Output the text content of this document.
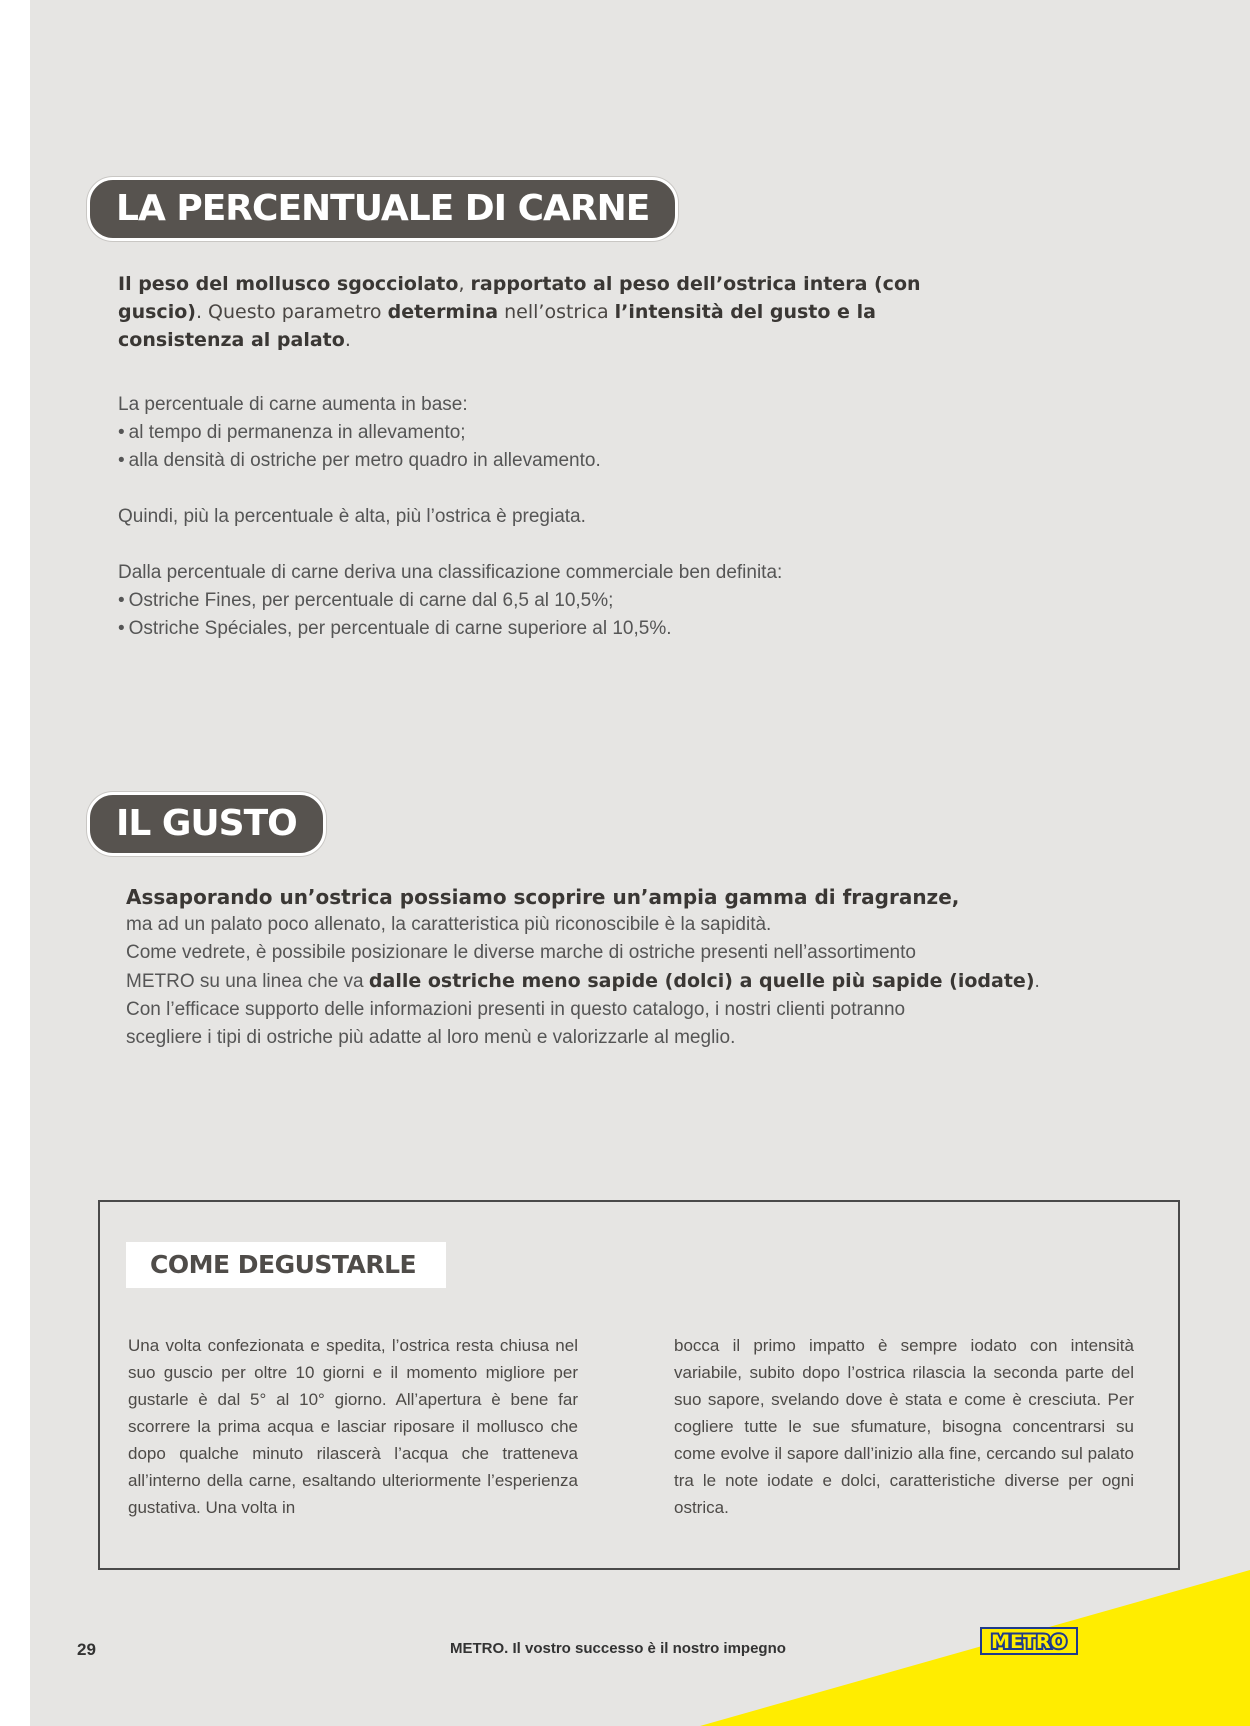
LA PERCENTUALE DI CARNE

Il peso del mollusco sgocciolato, rapportato al peso dell’ostrica intera (con guscio). Questo parametro determina nell’ostrica l’intensità del gusto e la consistenza al palato.

La percentuale di carne aumenta in base:

• al tempo di permanenza in allevamento;

• alla densità di ostriche per metro quadro in allevamento.

Quindi, più la percentuale è alta, più l’ostrica è pregiata.

Dalla percentuale di carne deriva una classificazione commerciale ben definita:

• Ostriche Fines, per percentuale di carne dal 6,5 al 10,5%;

• Ostriche Spéciales, per percentuale di carne superiore al 10,5%.

IL GUSTO

Assaporando un’ostrica possiamo scoprire un’ampia gamma di fragranze,

ma ad un palato poco allenato, la caratteristica più riconoscibile è la sapidità.

Come vedrete, è possibile posizionare le diverse marche di ostriche presenti nell’assortimento

METRO su una linea che va dalle ostriche meno sapide (dolci) a quelle più sapide (iodate).

Con l’efficace supporto delle informazioni presenti in questo catalogo, i nostri clienti potranno

scegliere i tipi di ostriche più adatte al loro menù e valorizzarle al meglio.

COME DEGUSTARLE

Una volta confezionata e spedita, l’ostrica resta chiusa nel suo guscio per oltre 10 giorni e il momento migliore per gustarle è dal 5° al 10° giorno. All’apertura è bene far scorrere la prima acqua e lasciar riposare il mollusco che dopo qualche minuto rilascerà l’acqua che tratteneva all’interno della carne, esaltando ulteriormente l’esperienza gustativa. Una volta in

bocca il primo impatto è sempre iodato con intensità variabile, subito dopo l’ostrica rilascia la seconda parte del suo sapore, svelando dove è stata e come è cresciuta. Per cogliere tutte le sue sfumature, bisogna concentrarsi su come evolve il sapore dall’inizio alla fine, cercando sul palato tra le note iodate e dolci, caratteristiche diverse per ogni ostrica.

29	METRO. Il vostro successo è il nostro impegno	METRO
